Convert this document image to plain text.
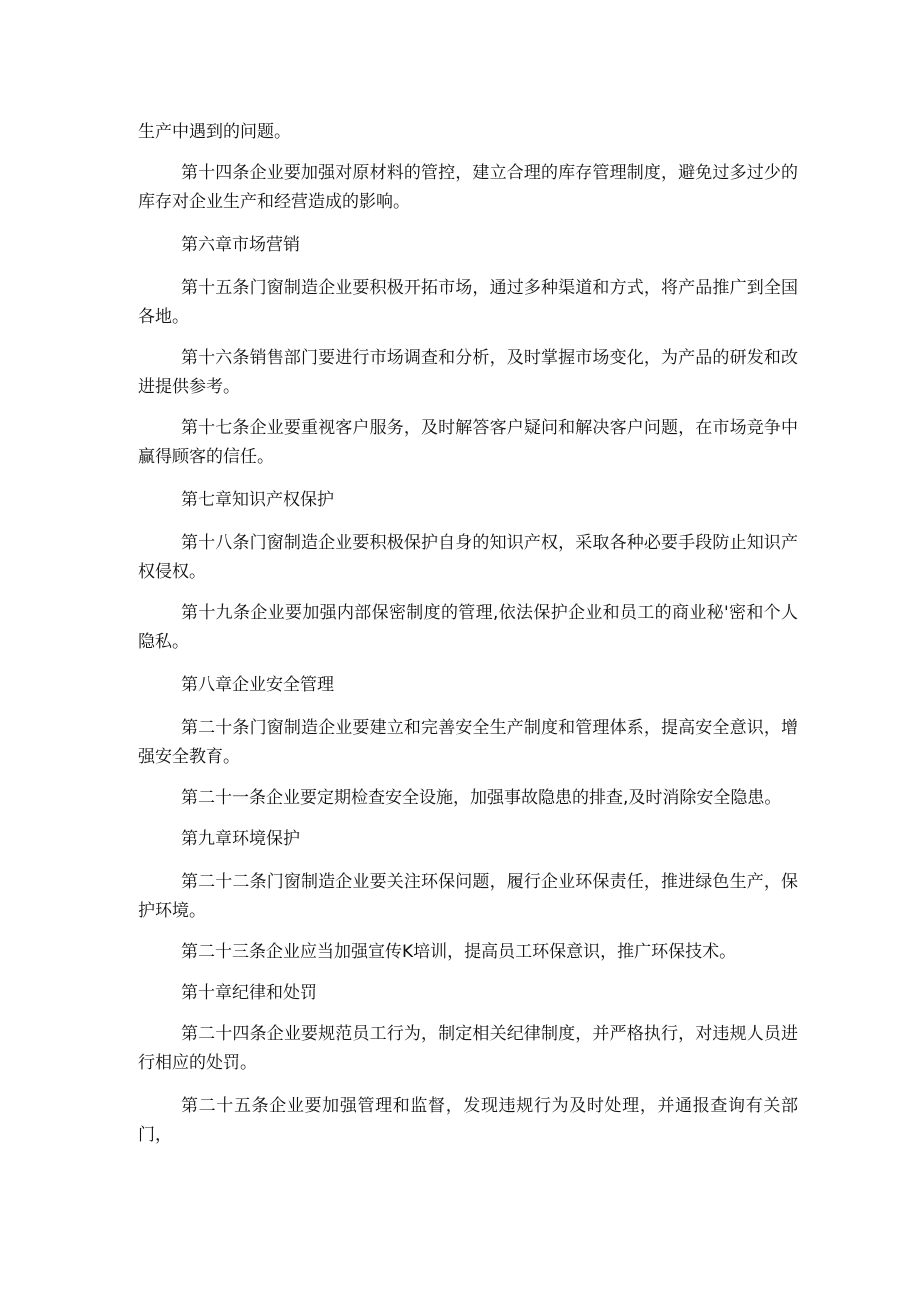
生产中遇到的问题。

第十四条企业要加强对原材料的管控，建立合理的库存管理制度，避免过多过少的库存对企业生产和经营造成的影响。

第六章市场营销

第十五条门窗制造企业要积极开拓市场，通过多种渠道和方式，将产品推广到全国各地。

第十六条销售部门要进行市场调查和分析，及时掌握市场变化，为产品的研发和改进提供参考。

第十七条企业要重视客户服务，及时解答客户疑问和解决客户问题，在市场竞争中赢得顾客的信任。

第七章知识产权保护

第十八条门窗制造企业要积极保护自身的知识产权，采取各种必要手段防止知识产权侵权。

第十九条企业要加强内部保密制度的管理,依法保护企业和员工的商业秘'密和个人隐私。

第八章企业安全管理

第二十条门窗制造企业要建立和完善安全生产制度和管理体系，提高安全意识，增强安全教育。

第二十一条企业要定期检查安全设施，加强事故隐患的排查,及时消除安全隐患。

第九章环境保护

第二十二条门窗制造企业要关注环保问题，履行企业环保责任，推进绿色生产，保护环境。

第二十三条企业应当加强宣传K培训，提高员工环保意识，推广环保技术。

第十章纪律和处罚

第二十四条企业要规范员工行为，制定相关纪律制度，并严格执行，对违规人员进行相应的处罚。

第二十五条企业要加强管理和监督，发现违规行为及时处理，并通报查询有关部门，
